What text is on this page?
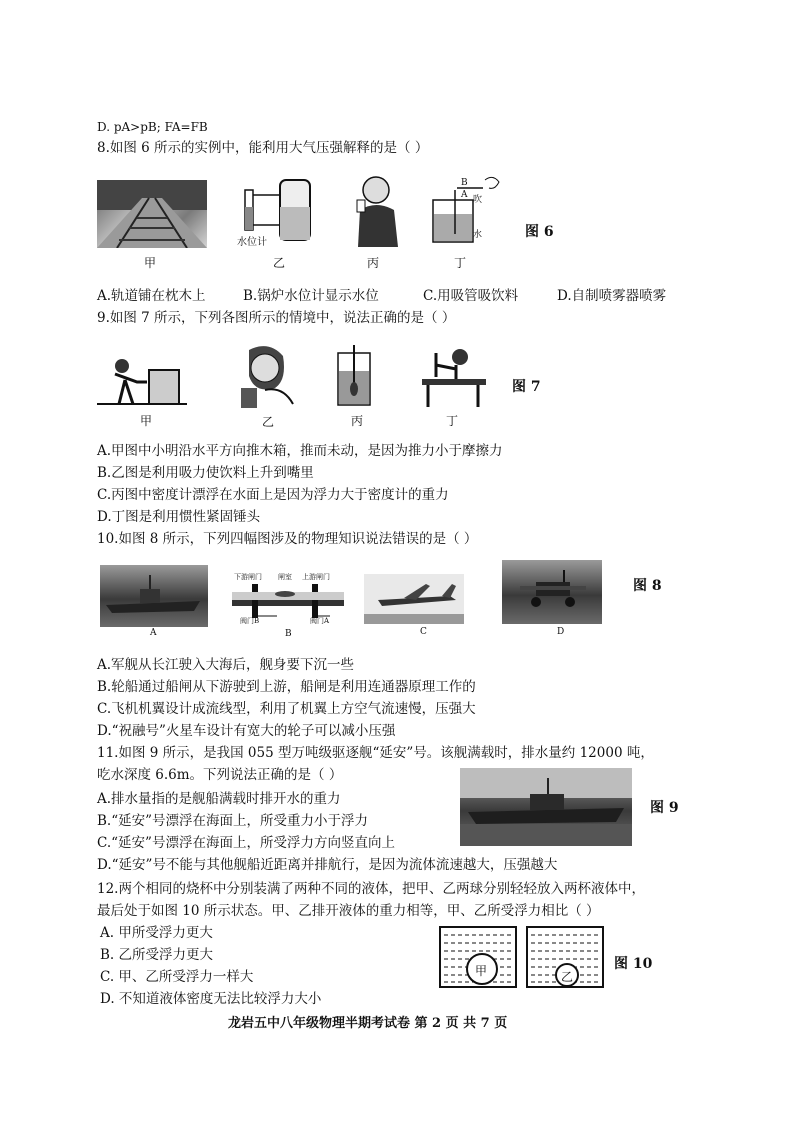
D. pA>pB; FA=FB
8.如图 6 所示的实例中，能利用大气压强解释的是（ ）
水位计
B
A 吹
水	图 6
甲	乙	丙	丁
A.轨道铺在枕木上	B.锅炉水位计显示水位	C.用吸管吸饮料	D.自制喷雾器喷雾
9.如图 7 所示，下列各图所示的情境中，说法正确的是（ ）
图 7
甲	乙	丙	丁
A.甲图中小明沿水平方向推木箱，推而未动，是因为推力小于摩擦力
B.乙图是利用吸力使饮料上升到嘴里
C.丙图中密度计漂浮在水面上是因为浮力大于密度计的重力
D.丁图是利用惯性紧固锤头
10.如图 8 所示，下列四幅图涉及的物理知识说法错误的是（ ）
下游闸门 闸室 上游闸门
阀门B	阀门A
图 8
A	B	C	D
A.军舰从长江驶入大海后，舰身要下沉一些
B.轮船通过船闸从下游驶到上游，船闸是利用连通器原理工作的
C.飞机机翼设计成流线型，利用了机翼上方空气流速慢，压强大
D.“祝融号”火星车设计有宽大的轮子可以减小压强
11.如图 9 所示，是我国 055 型万吨级驱逐舰“延安”号。该舰满载时，排水量约 12000 吨，
吃水深度 6.6m。下列说法正确的是（ ）
图 9
A.排水量指的是舰船满载时排开水的重力
B.“延安”号漂浮在海面上，所受重力小于浮力
C.“延安”号漂浮在海面上，所受浮力方向竖直向上
D.“延安”号不能与其他舰船近距离并排航行，是因为流体流速越大，压强越大
12.两个相同的烧杯中分别装满了两种不同的液体，把甲、乙两球分别轻轻放入两杯液体中，
最后处于如图 10 所示状态。甲、乙排开液体的重力相等，甲、乙所受浮力相比（ ）
甲	乙
图 10
A. 甲所受浮力更大
B. 乙所受浮力更大
C. 甲、乙所受浮力一样大
D. 不知道液体密度无法比较浮力大小
龙岩五中八年级物理半期考试卷 第 2 页 共 7 页
